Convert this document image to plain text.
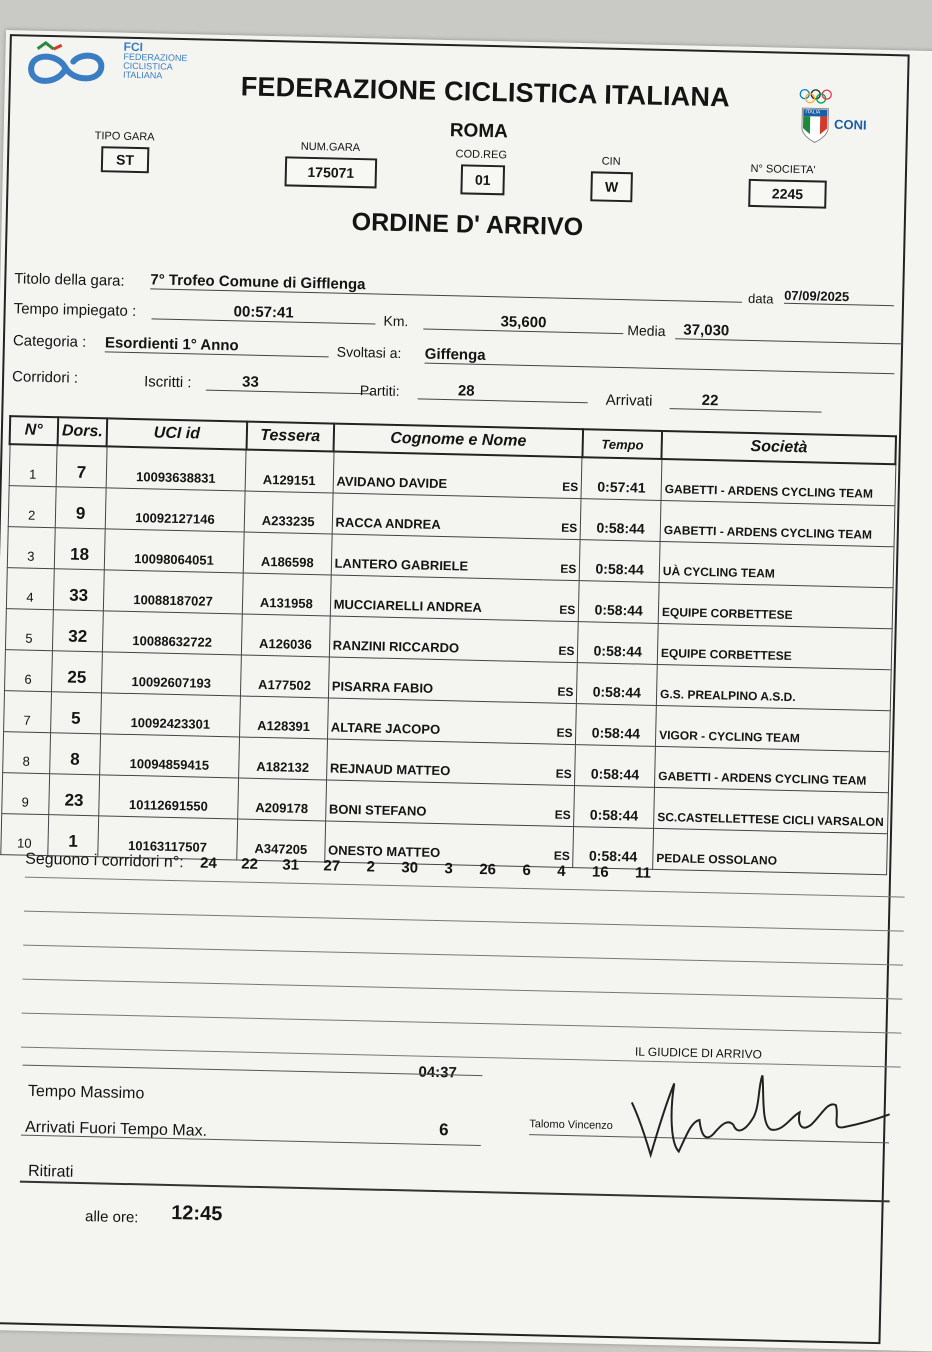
FCI
FEDERAZIONE
CICLISTICA
ITALIANA	FEDERAZIONE CICLISTICA ITALIANA
ROMA
ITALIA
CONI
TIPO GARA
ST
NUM.GARA
175071
COD.REG
01
CIN
W
N° SOCIETA'
2245
ORDINE D' ARRIVO
Titolo della gara: 7° Trofeo Comune di Gifflenga
data 07/09/2025
Tempo impiegato :	00:57:41	Km.	35,600	Media	37,030
Categoria : Esordienti 1° Anno	Svoltasi a: Giffenga
Corridori :	Iscritti :	33	Partiti:	28
Arrivati	22
N°	Dors.	UCI id	Tessera	Cognome e Nome		Tempo	Società
1	7	10093638831	A129151	AVIDANO DAVIDE	ES	0:57:41	GABETTI - ARDENS CYCLING TEAM
2	9	10092127146	A233235	RACCA ANDREA	ES	0:58:44	GABETTI - ARDENS CYCLING TEAM
3	18	10098064051	A186598	LANTERO GABRIELE	ES	0:58:44	UÀ CYCLING TEAM
4	33	10088187027	A131958	MUCCIARELLI ANDREA	ES	0:58:44	EQUIPE CORBETTESE
5	32	10088632722	A126036	RANZINI RICCARDO	ES	0:58:44	EQUIPE CORBETTESE
6	25	10092607193	A177502	PISARRA FABIO	ES	0:58:44	G.S. PREALPINO A.S.D.
7	5	10092423301	A128391	ALTARE JACOPO	ES	0:58:44	VIGOR - CYCLING TEAM
8	8	10094859415	A182132	REJNAUD MATTEO	ES	0:58:44	GABETTI - ARDENS CYCLING TEAM
9	23	10112691550	A209178	BONI STEFANO	ES	0:58:44	SC.CASTELLETTESE CICLI VARSALON
10	1	10163117507	A347205	ONESTO MATTEO	ES	0:58:44	PEDALE OSSOLANO
Seguono i corridori n°: 24 22 31 27 2 30 3 26 6 4 16 11
IL GIUDICE DI ARRIVO
04:37
Tempo Massimo
Arrivati Fuori Tempo Max.	6	Talomo Vincenzo
Ritirati
alle ore: 12:45
